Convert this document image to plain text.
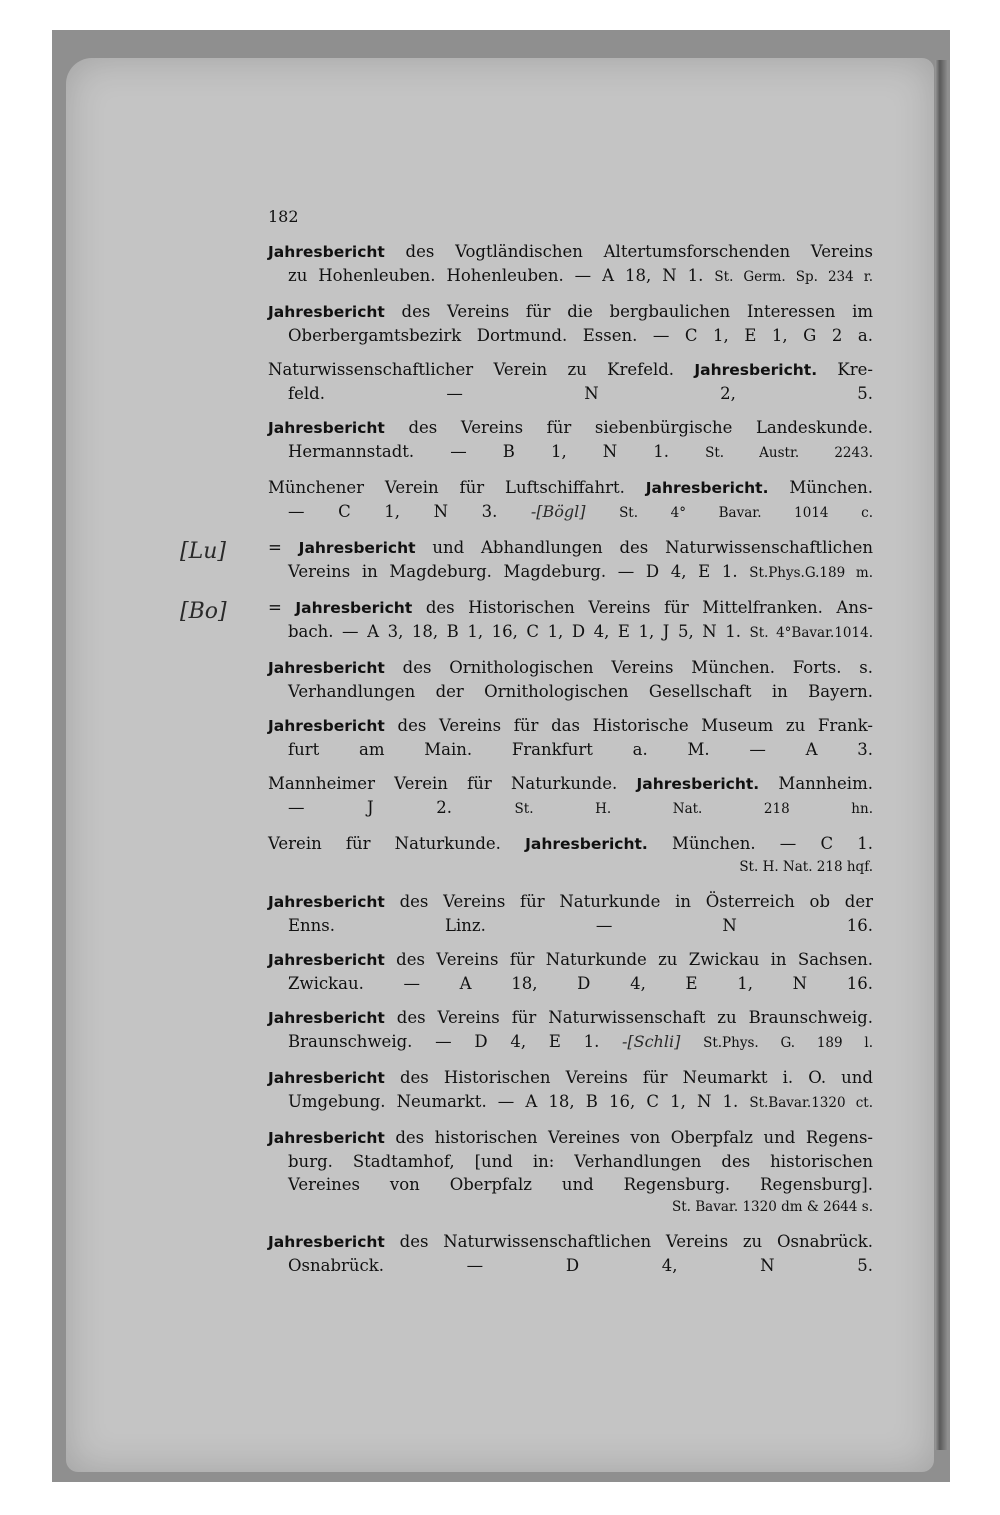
182
Jahresbericht des Vogtländischen Altertumsforschenden Vereins
zu Hohenleuben. Hohenleuben. — A 18, N 1. St. Germ. Sp. 234 r.
Jahresbericht des Vereins für die bergbaulichen Interessen im
Oberbergamtsbezirk Dortmund. Essen. — C 1, E 1, G 2 a.
Naturwissenschaftlicher Verein zu Krefeld. Jahresbericht. Kre-
feld. — N 2, 5.
Jahresbericht des Vereins für siebenbürgische Landeskunde.
Hermannstadt. — B 1, N 1.	St. Austr. 2243.
Münchener Verein für Luftschiffahrt. Jahresbericht. München.
— C 1, N 3. -[Bögl] St. 4° Bavar. 1014 c.
[Lu]	= Jahresbericht und Abhandlungen des Naturwissenschaftlichen
Vereins in Magdeburg. Magdeburg. — D 4, E 1. St.Phys.G.189 m.
[Bo]	= Jahresbericht des Historischen Vereins für Mittelfranken. Ans-
bach. — A 3, 18, B 1, 16, C 1, D 4, E 1, J 5, N 1. St. 4°Bavar.1014.
Jahresbericht des Ornithologischen Vereins München. Forts. s.
Verhandlungen der Ornithologischen Gesellschaft in Bayern.
Jahresbericht des Vereins für das Historische Museum zu Frank-
furt am Main. Frankfurt a. M. — A 3.
Mannheimer Verein für Naturkunde. Jahresbericht. Mannheim.
— J 2.	St. H. Nat. 218 hn.
Verein für Naturkunde. Jahresbericht. München. — C 1.
St. H. Nat. 218 hqf.
Jahresbericht des Vereins für Naturkunde in Österreich ob der
Enns. Linz. — N 16.
Jahresbericht des Vereins für Naturkunde zu Zwickau in Sachsen.
Zwickau. — A 18, D 4, E 1, N 16.
Jahresbericht des Vereins für Naturwissenschaft zu Braunschweig.
Braunschweig. — D 4, E 1. -[Schli] St.Phys. G. 189 l.
Jahresbericht des Historischen Vereins für Neumarkt i. O. und
Umgebung. Neumarkt. — A 18, B 16, C 1, N 1. St.Bavar.1320 ct.
Jahresbericht des historischen Vereines von Oberpfalz und Regens-
burg. Stadtamhof, [und in: Verhandlungen des historischen
Vereines von Oberpfalz und Regensburg. Regensburg].
St. Bavar. 1320 dm & 2644 s.
Jahresbericht des Naturwissenschaftlichen Vereins zu Osnabrück.
Osnabrück. — D 4, N 5.
